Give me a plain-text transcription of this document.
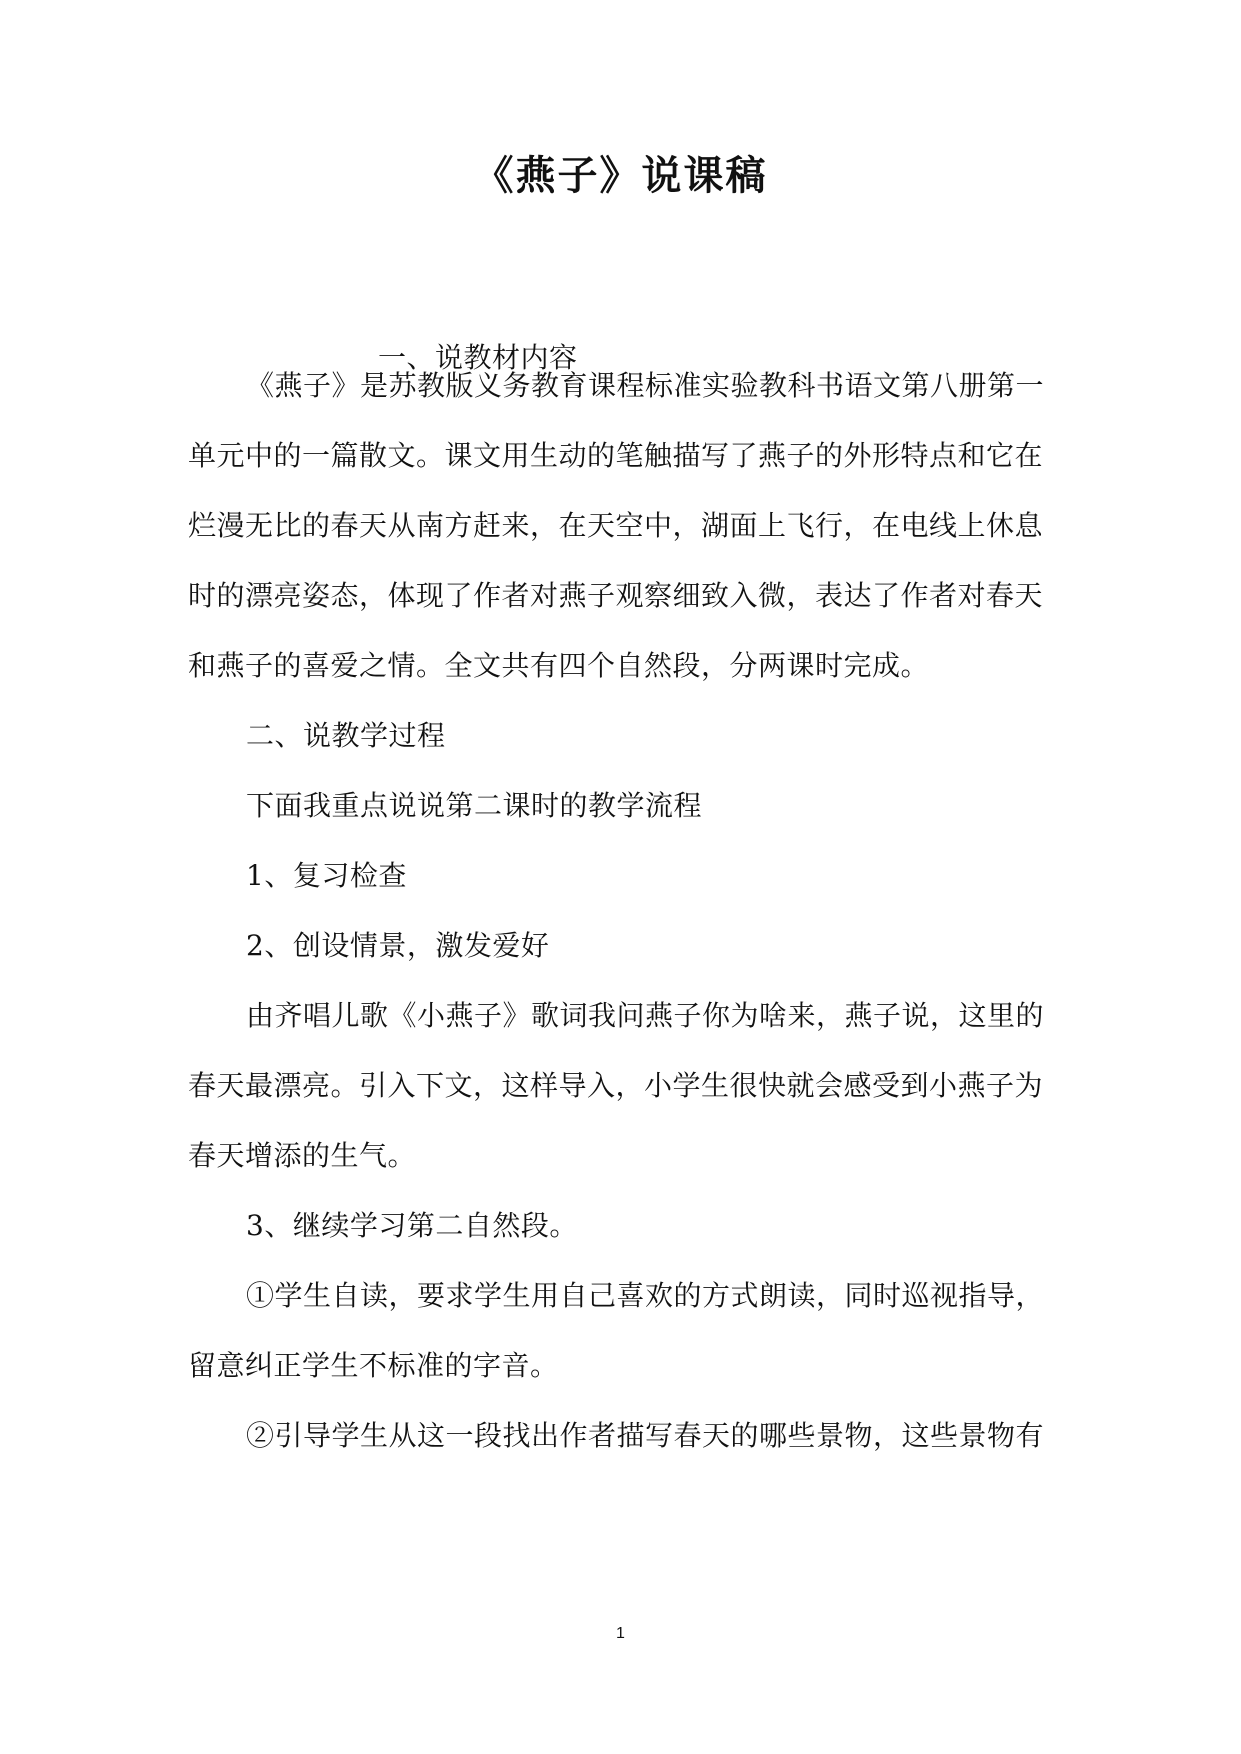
《燕子》说课稿
一、说教材内容
《燕子》是苏教版义务教育课程标准实验教科书语文第八册第一
单元中的一篇散文。课文用生动的笔触描写了燕子的外形特点和它在
烂漫无比的春天从南方赶来，在天空中，湖面上飞行，在电线上休息
时的漂亮姿态，体现了作者对燕子观察细致入微，表达了作者对春天
和燕子的喜爱之情。全文共有四个自然段，分两课时完成。
二、说教学过程
下面我重点说说第二课时的教学流程
1、复习检查
2、创设情景，激发爱好
由齐唱儿歌《小燕子》歌词我问燕子你为啥来，燕子说，这里的
春天最漂亮。引入下文，这样导入，小学生很快就会感受到小燕子为
春天增添的生气。
3、继续学习第二自然段。
①学生自读，要求学生用自己喜欢的方式朗读，同时巡视指导，
留意纠正学生不标准的字音。
②引导学生从这一段找出作者描写春天的哪些景物，这些景物有
1
